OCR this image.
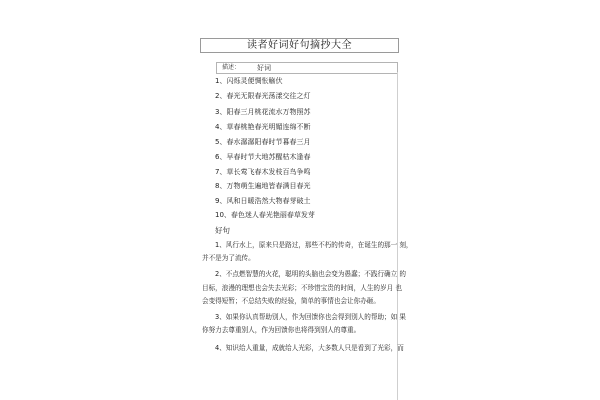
读者好词好句摘抄大全
描述： 好词
1、闪烁灵便惆怅觞伏
2、春光无限春光荡漾交往之灯
3、阳春三月桃花流水万物照苏
4、草春桃艳春光明媚连绵不断
5、春水潺潺阳春时节暮春三月
6、早春时节大地苏醒枯木逢春
7、草长莺飞春木发枝百鸟争鸣
8、万物萌生遍地皆春满目春光
9、风和日暖浩然大物春芽破土
10、春色迷人春光艳丽春草发芽
好句
1、风行水上，原来只是路过，那些不朽的传奇，在诞生的那一 刻，
并不是为了流传。
2、不点燃智慧的火花，聪明的头脑也会变为愚蠢；不践行确立 的
目标，浪漫的理想也会失去光彩；不珍惜宝贵的时间，人生的岁月 也
会变得短暂；不总结失败的经验，简单的事情也会让你办砸。
3、如果你认真帮助别人，作为回馈你也会得到别人的帮助；如 果
你努力去尊重别人，作为回馈你也将得到别人的尊重。
4、知识给人重量，成就给人光彩，大多数人只是看到了光彩，而
